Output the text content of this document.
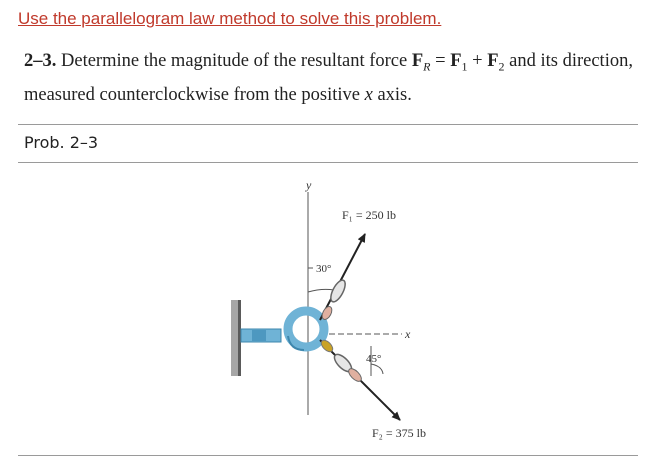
Use the parallelogram law method to solve this problem.
2–3. Determine the magnitude of the resultant force $F_R = F_1 + F_2$ and its direction, measured counterclockwise from the positive x axis.
Prob. 2–3
y
x
30°
45°
F₁ = 250 lb
F₂ = 375 lb
